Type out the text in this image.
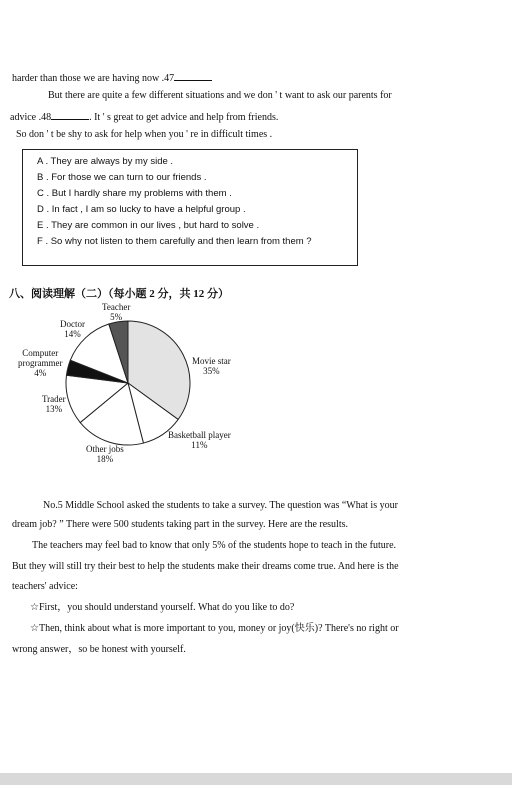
harder than those we are having now .47
But there are quite a few different situations and we don ' t want to ask our parents for
advice .48	. It ' s great to get advice and help from friends.
So don ' t be shy to ask for help when you ' re in difficult times .
A . They are always by my side .
B . For those we can turn to our friends .
C . But I hardly share my problems with them .
D . In fact , I am so lucky to have a helpful group .
E . They are common in our lives , but hard to solve .
F . So why not listen to them carefully and then learn from them ?
八、阅读理解（二）（每小题 2 分，共 12 分）
Teacher
5%
Doctor
14%
Computer
programmer
4%
Trader
13%
Other jobs
18%
Basketball player
11%
Movie star
35%
No.5 Middle School asked the students to take a survey. The question was “What is your
dream job? ” There were 500 students taking part in the survey. Here are the results.
The teachers may feel bad to know that only 5% of the students hope to teach in the future.
But they will still try their best to help the students make their dreams come true. And here is the
teachers' advice:
☆First，you should understand yourself. What do you like to do?
☆Then, think about what is more important to you, money or joy(快乐)? There's no right or
wrong answer，so be honest with yourself.
